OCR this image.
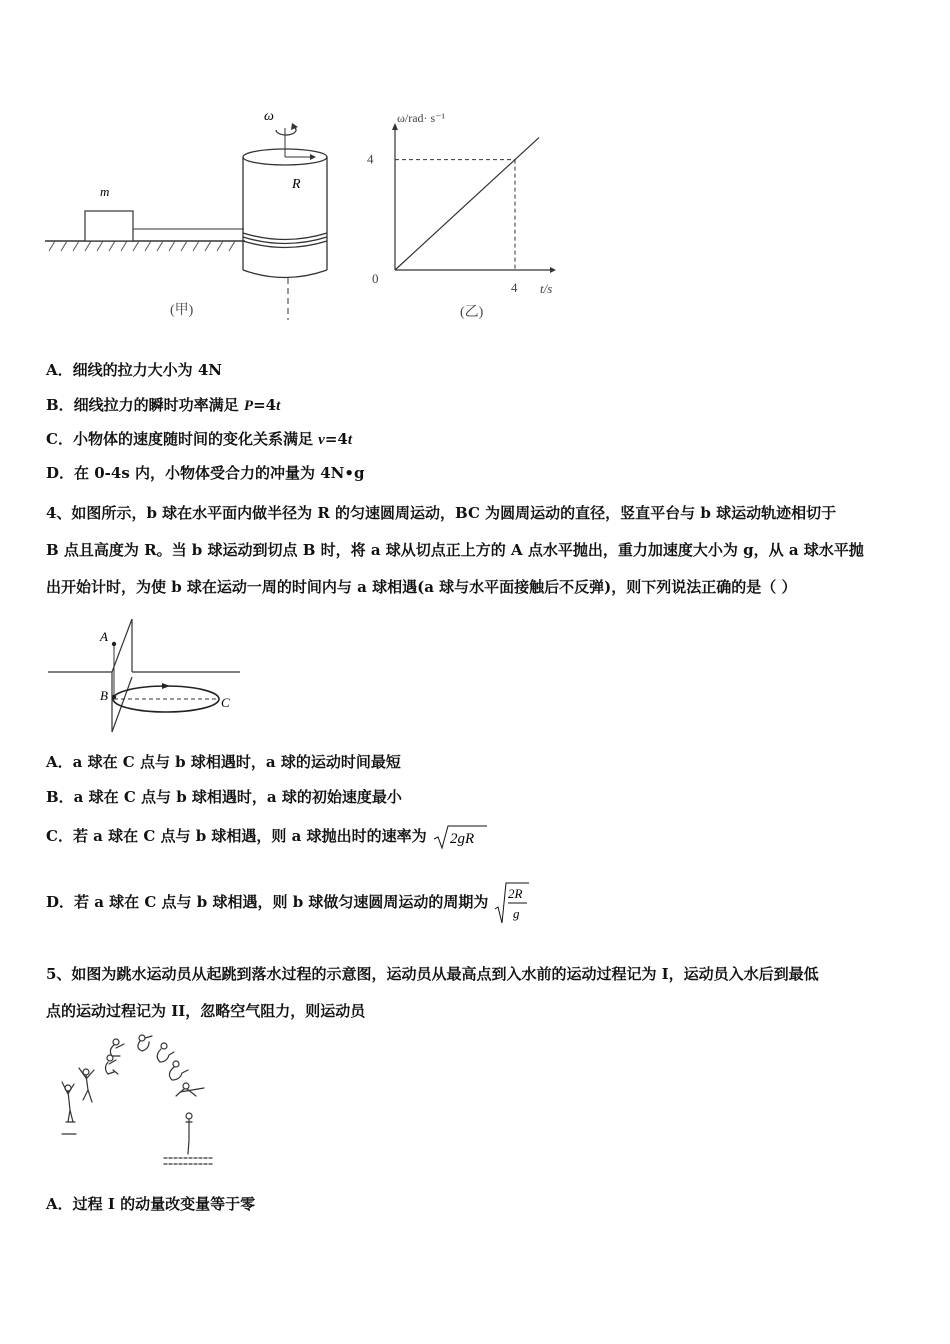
m
ω
R
(甲)
ω/rad· s⁻¹
t/s
0
4
4
(乙)
A．细线的拉力大小为 4N
B．细线拉力的瞬时功率满足 P=4t
C．小物体的速度随时间的变化关系满足 v=4t
D．在 0-4s 内，小物体受合力的冲量为 4N•g
4、如图所示，b 球在水平面内做半径为 R 的匀速圆周运动，BC 为圆周运动的直径，竖直平台与 b 球运动轨迹相切于
B 点且高度为 R。当 b 球运动到切点 B 时，将 a 球从切点正上方的 A 点水平抛出，重力加速度大小为 g，从 a 球水平抛
出开始计时，为使 b 球在运动一周的时间内与 a 球相遇(a 球与水平面接触后不反弹)，则下列说法正确的是（ ）
A
B	C
A．a 球在 C 点与 b 球相遇时，a 球的运动时间最短
B．a 球在 C 点与 b 球相遇时，a 球的初始速度最小
C．若 a 球在 C 点与 b 球相遇，则 a 球抛出时的速率为 2gR
D．若 a 球在 C 点与 b 球相遇，则 b 球做匀速圆周运动的周期为 2R
g
5、如图为跳水运动员从起跳到落水过程的示意图，运动员从最高点到入水前的运动过程记为 I，运动员入水后到最低
点的运动过程记为 II，忽略空气阻力，则运动员
A．过程 I 的动量改变量等于零
